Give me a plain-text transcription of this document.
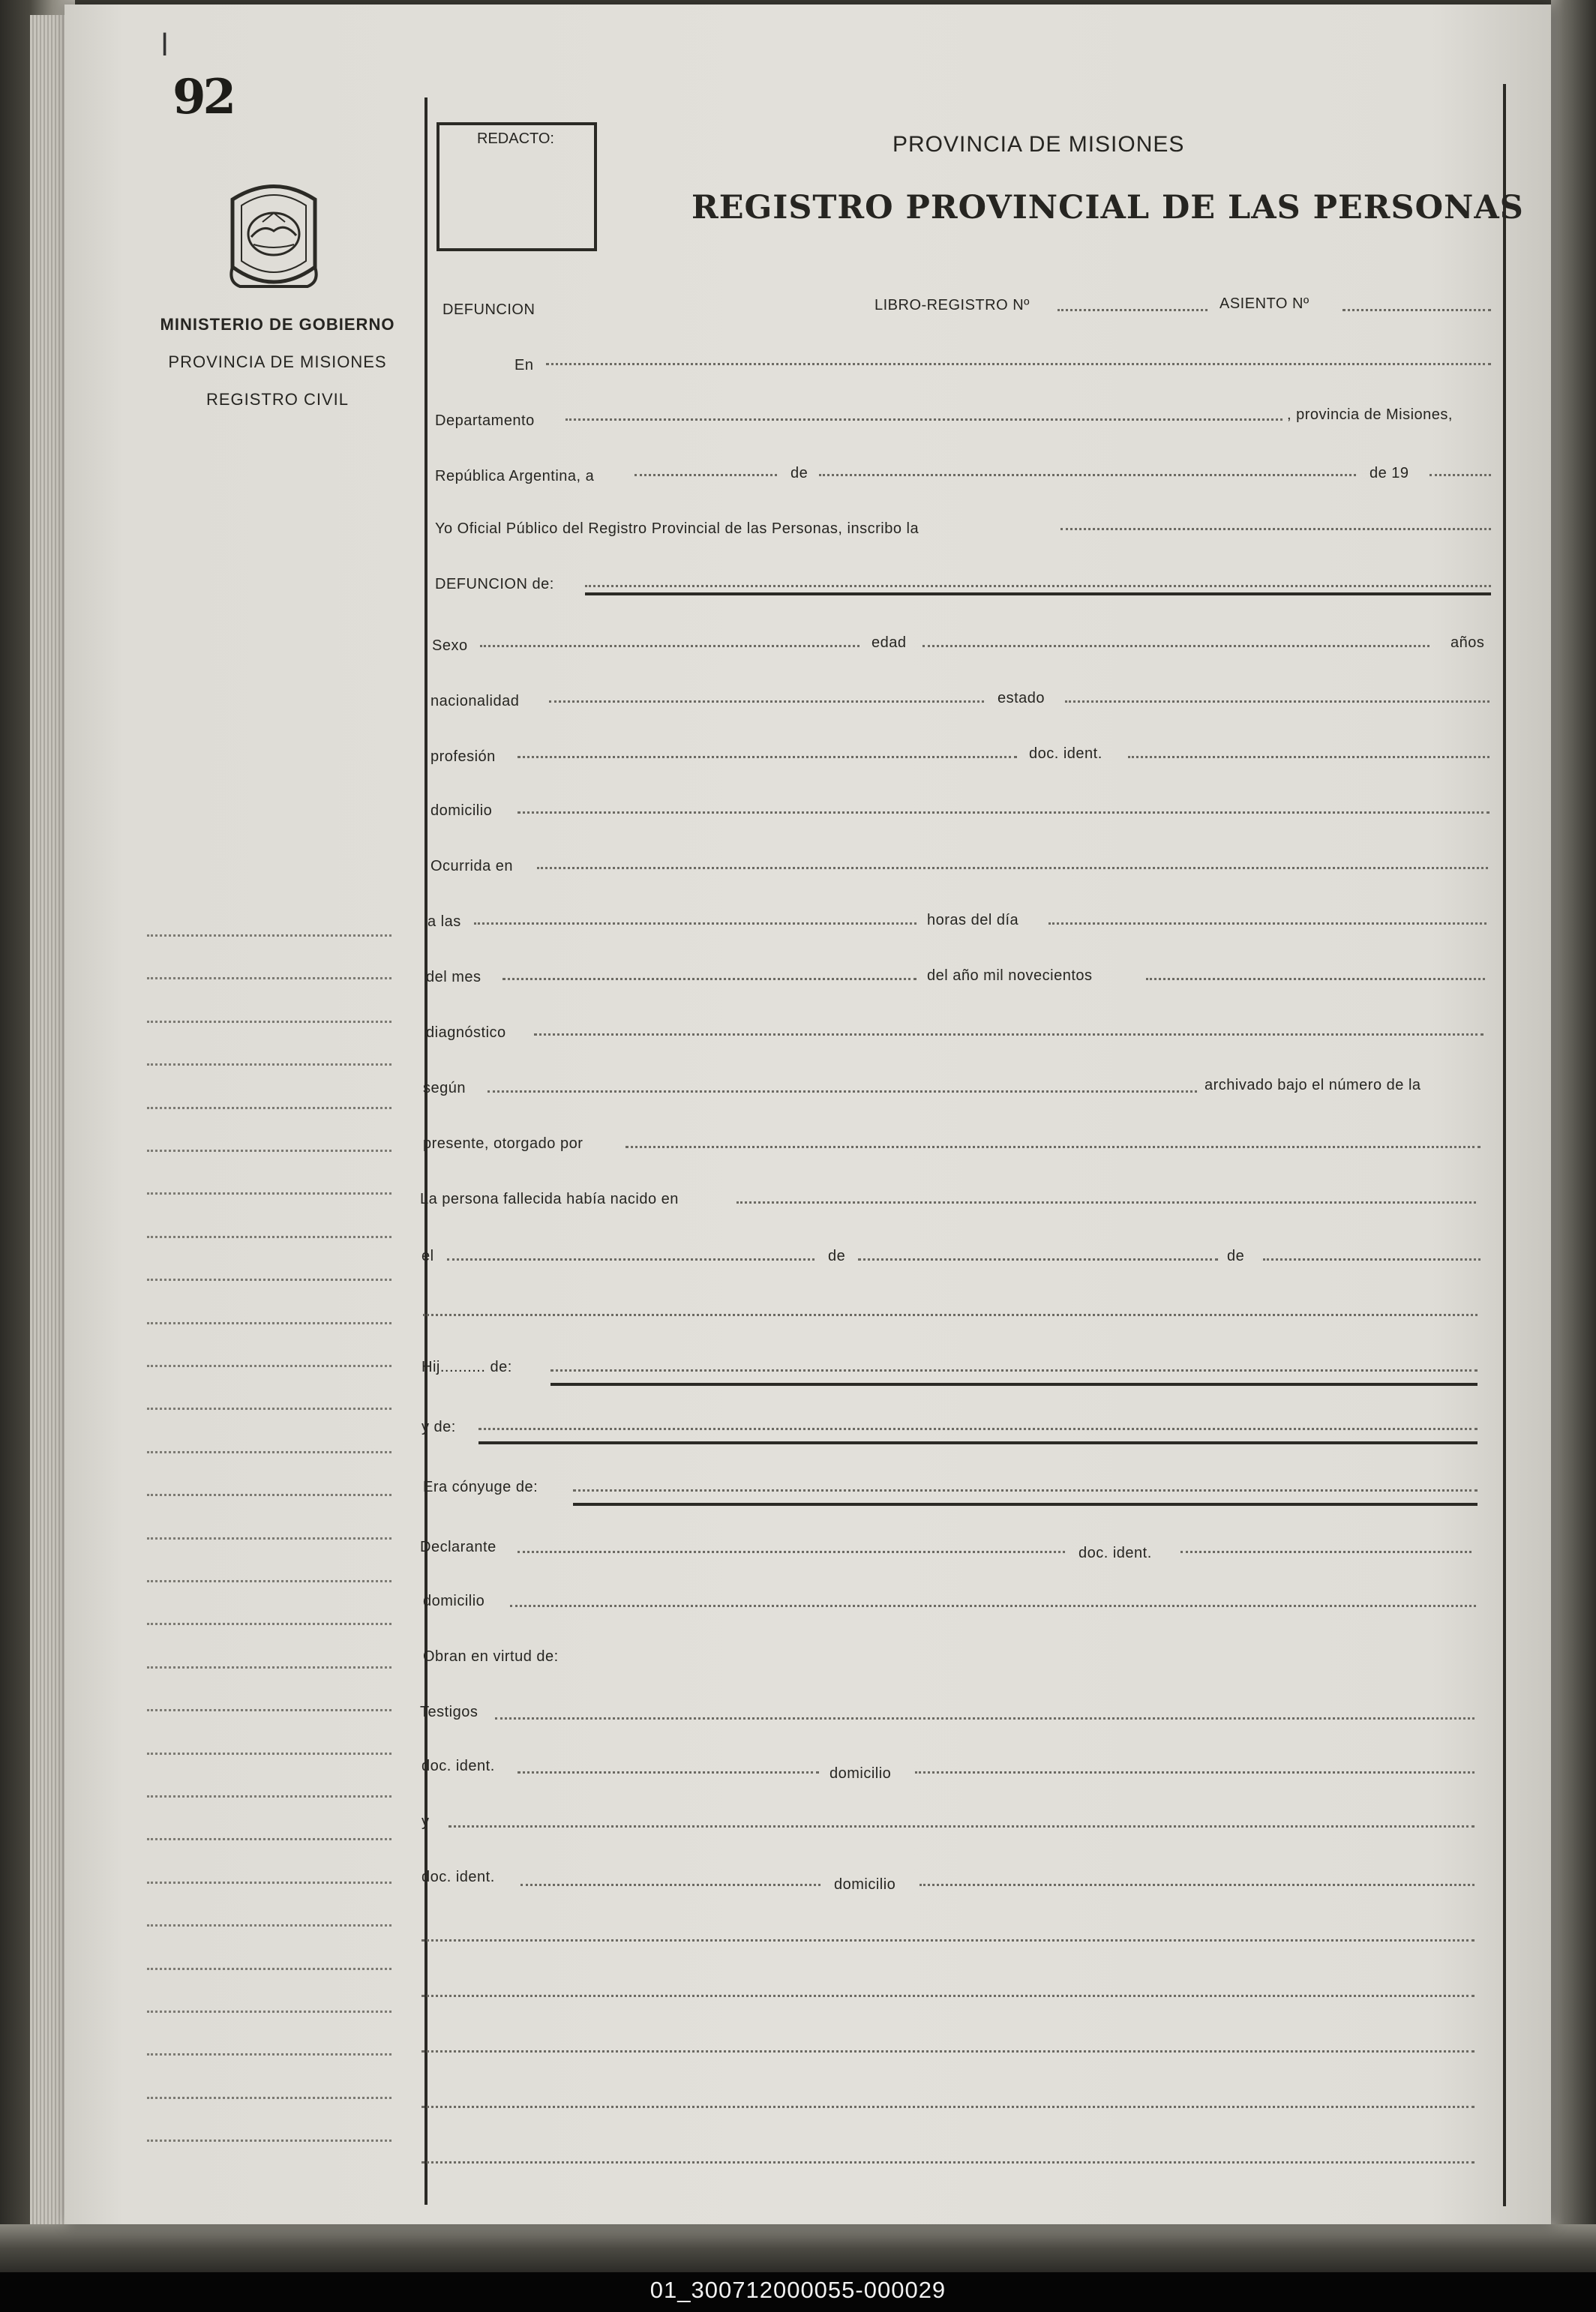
l
92
MINISTERIO DE GOBIERNO
PROVINCIA DE MISIONES
REGISTRO CIVIL
REDACTO:	PROVINCIA DE MISIONES
REGISTRO PROVINCIAL DE LAS PERSONAS
DEFUNCION	LIBRO-REGISTRO Nº	ASIENTO Nº
En
Departamento	, provincia de Misiones,
República Argentina, a	de	de 19
Yo Oficial Público del Registro Provincial de las Personas, inscribo la
DEFUNCION de:
Sexo	edad	años
nacionalidad	estado
profesión	doc. ident.
domicilio
Ocurrida en
a las	horas del día
del mes	del año mil novecientos
diagnóstico
según	archivado bajo el número de la
presente, otorgado por
La persona fallecida había nacido en
el	de	de
Hij.......... de:
y de:
Era cónyuge de:
Declarante	doc. ident.
domicilio
Obran en virtud de:
Testigos
doc. ident.	domicilio
y
doc. ident.	domicilio
01_300712000055-000029
